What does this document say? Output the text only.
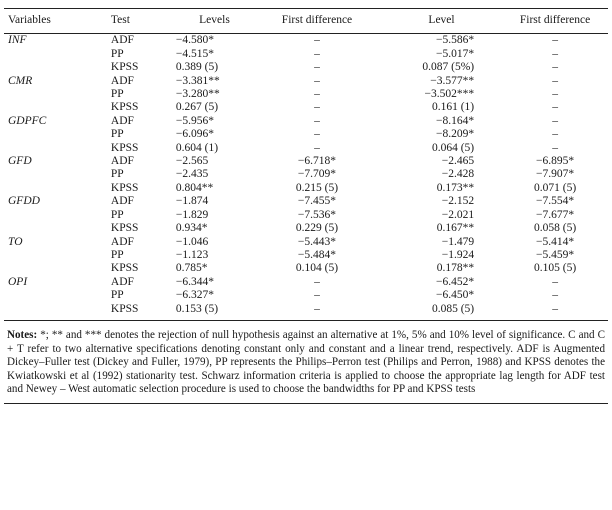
Variables	Test	Levels	First difference	Level	First difference
INF	ADF	−4.580*	–	−5.586*	–
	PP	−4.515*	–	−5.017*	–
	KPSS	0.389 (5)	–	0.087 (5%)	–
CMR	ADF	−3.381**	–	−3.577**	–
	PP	−3.280**	–	−3.502***	–
	KPSS	0.267 (5)	–	0.161 (1)	–
GDPFC	ADF	−5.956*	–	−8.164*	–
	PP	−6.096*	–	−8.209*	–
	KPSS	0.604 (1)	–	0.064 (5)	–
GFD	ADF	−2.565	−6.718*	−2.465	−6.895*
	PP	−2.435	−7.709*	−2.428	−7.907*
	KPSS	0.804**	0.215 (5)	0.173**	0.071 (5)
GFDD	ADF	−1.874	−7.455*	−2.152	−7.554*
	PP	−1.829	−7.536*	−2.021	−7.677*
	KPSS	0.934*	0.229 (5)	0.167**	0.058 (5)
TO	ADF	−1.046	−5.443*	−1.479	−5.414*
	PP	−1.123	−5.484*	−1.924	−5.459*
	KPSS	0.785*	0.104 (5)	0.178**	0.105 (5)
OPI	ADF	−6.344*	–	−6.452*	–
	PP	−6.327*	–	−6.450*	–
	KPSS	0.153 (5)	–	0.085 (5)	–
Notes: *; ** and *** denotes the rejection of null hypothesis against an alternative at 1%, 5% and 10% level of significance. C and C + T refer to two alternative specifications denoting constant only and constant and a linear trend, respectively. ADF is Augmented Dickey–Fuller test (Dickey and Fuller, 1979), PP represents the Philips–Perron test (Philips and Perron, 1988) and KPSS denotes the Kwiatkowski et al (1992) stationarity test. Schwarz information criteria is applied to choose the appropriate lag length for ADF test and Newey – West automatic selection procedure is used to choose the bandwidths for PP and KPSS tests
